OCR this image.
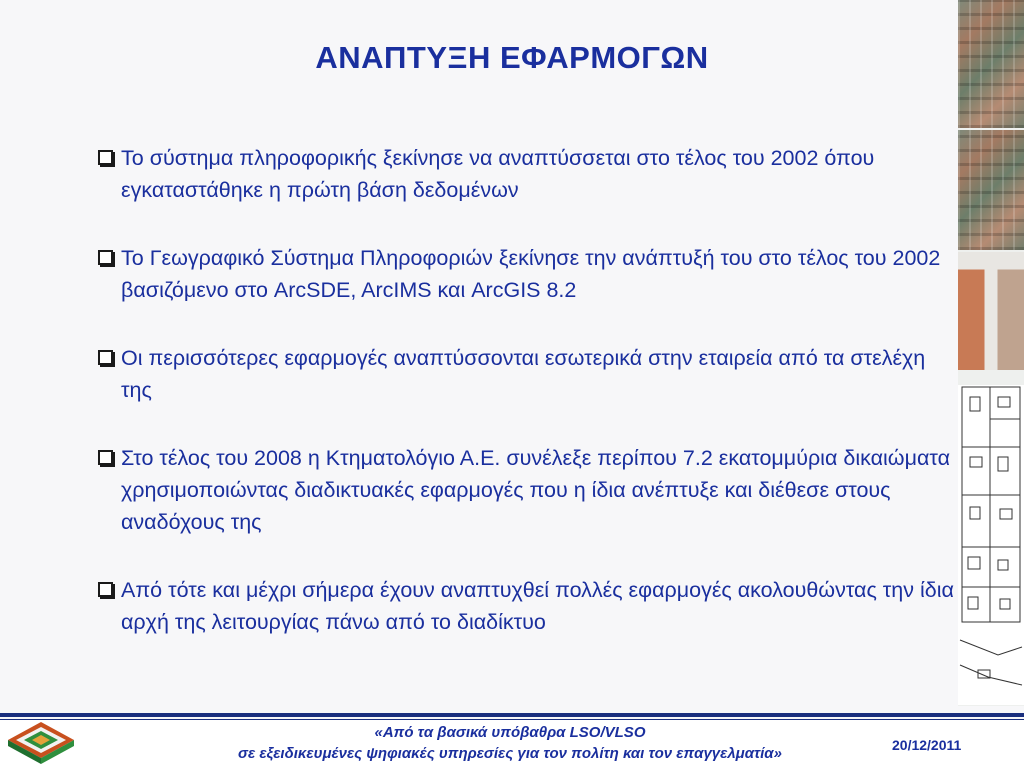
ΑΝΑΠΤΥΞΗ ΕΦΑΡΜΟΓΩΝ
Το σύστημα πληροφορικής ξεκίνησε να αναπτύσσεται στο τέλος του 2002 όπου εγκαταστάθηκε η πρώτη βάση δεδομένων
Το Γεωγραφικό Σύστημα Πληροφοριών ξεκίνησε την ανάπτυξή του στο τέλος του 2002 βασιζόμενο στο ArcSDE, ArcIMS και ArcGIS 8.2
Οι περισσότερες εφαρμογές αναπτύσσονται εσωτερικά στην εταιρεία από τα στελέχη της
Στο τέλος του 2008 η Κτηματολόγιο Α.Ε. συνέλεξε περίπου 7.2 εκατομμύρια δικαιώματα χρησιμοποιώντας διαδικτυακές εφαρμογές που η ίδια ανέπτυξε και διέθεσε στους αναδόχους της
Από τότε και μέχρι σήμερα έχουν αναπτυχθεί πολλές εφαρμογές ακολουθώντας την ίδια αρχή της λειτουργίας πάνω από το διαδίκτυο
«Από τα βασικά υπόβαθρα LSO/VLSO
σε εξειδικευμένες ψηφιακές υπηρεσίες για τον πολίτη και τον επαγγελματία»	20/12/2011
